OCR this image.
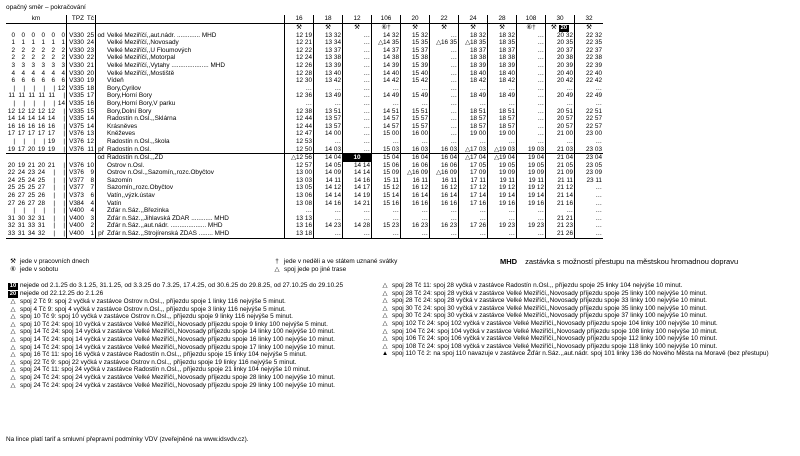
opačný směr – pokračování
km						TPZ	Tč			16	18	12	106	20	22	24	28	108	30	32
										⚒	⚒	⚒	⑥†	⚒	⚒	⚒	⚒	⑥†	⚒ 20	⚒
0	0	0	0	0	0	V330	25	od	Velké Meziříčí,,aut.nádr. ............. MHD	12 19	13 32	…	14 32	15 32	…	18 32	18 32	…	20 32	22 32
1	1	1	1	1	1	V330	24		Velké Meziříčí,,Novosady	12 21	13 34	…	△14 35	15 35	△16 35	△18 35	18 35	…	20 35	22 35
2	2	2	2	2	2	V330	23		Velké Meziříčí,,U Floumových	12 22	13 37	…	14 37	15 37	…	18 37	18 37	…	20 37	22 37
2	2	2	2	2	2	V330	22		Velké Meziříčí,,Motorpal	12 24	13 38	…	14 38	15 38	…	18 38	18 38	…	20 38	22 38
3	3	3	3	3	3	V330	21		Velké Meziříčí,,Vytahy ..................... MHD	12 26	13 39	…	14 39	15 39	…	18 39	18 39	…	20 39	22 39
4	4	4	4	4	4	V330	20		Velké Meziříčí,,Mostiště	12 28	13 40	…	14 40	15 40	…	18 40	18 40	…	20 40	22 40
6	6	6	6	6	6	V330	19		Vídeň	12 30	13 42	…	14 42	15 42	…	18 42	18 42	…	20 42	22 42
|	|	|	|	|	12	V335	18		Bory,Cyrilov	…	…	…	…	…	…	…	…	…	…	…
11	11	11	11	11	|	V335	17		Bory,Horní Bory	12 36	13 49	…	14 49	15 49	…	18 49	18 49	…	20 49	22 49
|	|	|	|	|	14	V335	16		Bory,Horní Bory,V parku	…	…	…	…	…	…	…	…	…	…	…
12	12	12	12	12	|	V335	15		Bory,Dolní Bory	12 38	13 51	…	14 51	15 51	…	18 51	18 51	…	20 51	22 51
14	14	14	14	14	|	V335	14		Radostín n.Osl.,,Sklárna	12 44	13 57	…	14 57	15 57	…	18 57	18 57	…	20 57	22 57
16	16	16	16	16	|	V375	14		Krásněves	12 44	13 57	…	14 57	15 57	…	18 57	18 57	…	20 57	22 57
17	17	17	17	17	|	V376	13		Kněževes	12 47	14 00	…	15 00	16 00	…	19 00	19 00	…	21 00	23 00
|	|	|	|	19	|	V376	12		Radostín n.Osl.,,škola	12 53	…	…	…	…	…	…	…	…	…	…
19	17	20	19	19	|	V376	11	př	Radostín n.Osl.	12 50	14 03	…	15 03	16 03	16 03	△17 03	△19 03	19 03	21 03	23 03
								od	Radostín n.Osl.,,ZD	△12 56	14 04	10	15 04	16 04	16 04	△17 04	△19 04	19 04	21 04	23 04
20	19	21	20	21	|	V376	10		Ostrov n.Osl.	12 57	14 05	14 14	15 06	16 06	16 06	17 05	19 05	19 05	21 05	23 05
22	24	23	24	|	|	V376	9		Ostrov n.Osl.,,Sazomín,,rozc.Obyčtov	13 00	14 09	14 14	15 09	△16 09	△16 09	17 09	19 09	19 09	21 09	23 09
24	25	24	25	|	|	V377	8		Sazomín	13 03	14 11	14 16	15 11	16 11	16 11	17 11	19 11	19 11	21 11	23 11
25	25	25	27	|	|	V377	7		Sazomín,,rozc.Obyčtov	13 05	14 12	14 17	15 12	16 12	16 12	17 12	19 12	19 12	21 12	…
26	27	25	26	|	|	V373	6		Vatín,,výzk.ústav	13 06	14 14	14 19	15 14	16 14	16 14	17 14	19 14	19 14	21 14	…
27	26	27	28	|	|	V384	4		Vatín	13 08	14 16	14 21	15 16	16 16	16 16	17 16	19 16	19 16	21 16	…
|	|	|	|	|	|	V400	4		Žďár n.Sáz.,,Březinka	…	…	…	…	…	…	…	…	…	…	…
31	30	32	31	|	|	V400	3		Žďár n.Sáz.,,Jihlavská ŽĎAR ............ MHD	13 13	…	…	…	…	…	…	…	…	21 21	…
32	31	33	31	|	|	V400	2		Žďár n.Sáz.,,aut.nádr. .................... MHD	13 16	14 23	14 28	15 23	16 23	16 23	17 26	19 23	19 23	21 23	…
33	31	34	32	|	|	V400	1	př	Žďár n.Sáz.,,Strojírenská ŽĎAS ........ MHD	13 18	…	…	…	…	…	…	…	…	21 26	…
⚒ jede v pracovních dnech
⑥ jede v sobotu
† jede v neděli a ve státem uznané svátky
△ spoj jede po jiné trase
MHD zastávka s možností přestupu na městskou hromadnou dopravu
10 nejede od 2.1.25 do 3.1.25, 31.1.25, od 3.3.25 do 7.3.25, 17.4.25, od 30.6.25 do 29.8.25, od 27.10.25 do 29.10.25
20 nejede od 22.12.25 do 2.1.26
△ spoj 2 Tč 9: spoj 2 vyčká v zastávce Ostrov n.Osl.,, příjezdu spoje 1 linky 116 nejvýše 5 minut.
△ spoj 4 Tč 9: spoj 4 vyčká v zastávce Ostrov n.Osl.,, příjezdu spoje 3 linky 116 nejvýše 5 minut.
△ spoj 10 Tč 9: spoj 10 vyčká v zastávce Ostrov n.Osl.,, příjezdu spoje 9 linky 116 nejvýše 5 minut.
△ spoj 10 Tč 24: spoj 10 vyčká v zastávce Velké Meziříčí,,Novosady příjezdu spoje 9 linky 100 nejvýše 5 minut.
△ spoj 14 Tč 24: spoj 14 vyčká v zastávce Velké Meziříčí,,Novosady příjezdu spoje 14 linky 100 nejvýše 10 minut.
△ spoj 14 Tč 24: spoj 14 vyčká v zastávce Velké Meziříčí,,Novosady příjezdu spoje 16 linky 100 nejvýše 10 minut.
△ spoj 14 Tč 24: spoj 14 vyčká v zastávce Velké Meziříčí,,Novosady příjezdu spoje 17 linky 100 nejvýše 10 minut.
△ spoj 16 Tč 11: spoj 16 vyčká v zastávce Radostín n.Osl.,, příjezdu spoje 15 linky 104 nejvýše 5 minut.
△ spoj 22 Tč 9: spoj 22 vyčká v zastávce Ostrov n.Osl.,, příjezdu spoje 19 linky 116 nejvýše 5 minut.
△ spoj 24 Tč 11: spoj 24 vyčká v zastávce Radostín n.Osl.,, příjezdu spoje 21 linky 104 nejvýše 10 minut.
△ spoj 24 Tč 24: spoj 24 vyčká v zastávce Velké Meziříčí,,Novosady příjezdu spoje 28 linky 100 nejvýše 10 minut.
△ spoj 24 Tč 24: spoj 24 vyčká v zastávce Velké Meziříčí,,Novosady příjezdu spoje 29 linky 100 nejvýše 10 minut.
△ spoj 28 Tč 11: spoj 28 vyčká v zastávce Radostín n.Osl.,, příjezdu spoje 25 linky 104 nejvýše 10 minut.
△ spoj 28 Tč 24: spoj 28 vyčká v zastávce Velké Meziříčí,,Novosady příjezdu spoje 25 linky 100 nejvýše 10 minut.
△ spoj 28 Tč 24: spoj 28 vyčká v zastávce Velké Meziříčí,,Novosady příjezdu spoje 33 linky 100 nejvýše 10 minut.
△ spoj 30 Tč 24: spoj 30 vyčká v zastávce Velké Meziříčí,,Novosady příjezdu spoje 35 linky 100 nejvýše 10 minut.
△ spoj 30 Tč 24: spoj 30 vyčká v zastávce Velké Meziříčí,,Novosady příjezdu spoje 37 linky 100 nejvýše 10 minut.
△ spoj 102 Tč 24: spoj 102 vyčká v zastávce Velké Meziříčí,,Novosady příjezdu spoje 104 linky 100 nejvýše 10 minut.
△ spoj 104 Tč 24: spoj 104 vyčká v zastávce Velké Meziříčí,,Novosady příjezdu spoje 108 linky 100 nejvýše 10 minut.
△ spoj 106 Tč 24: spoj 106 vyčká v zastávce Velké Meziříčí,,Novosady příjezdu spoje 112 linky 100 nejvýše 10 minut.
△ spoj 108 Tč 24: spoj 108 vyčká v zastávce Velké Meziříčí,,Novosady příjezdu spoje 118 linky 100 nejvýše 10 minut.
▲ spoj 110 Tč 2: na spoj 110 navazuje v zastávce Žďár n.Sáz.,,aut.nádr. spoj 101 linky 136 do Nového Města na Moravě (bez přestupu)
Na lince platí tarif a smluvní přepravní podmínky VDV (zveřejněné na www.idsvdv.cz).
